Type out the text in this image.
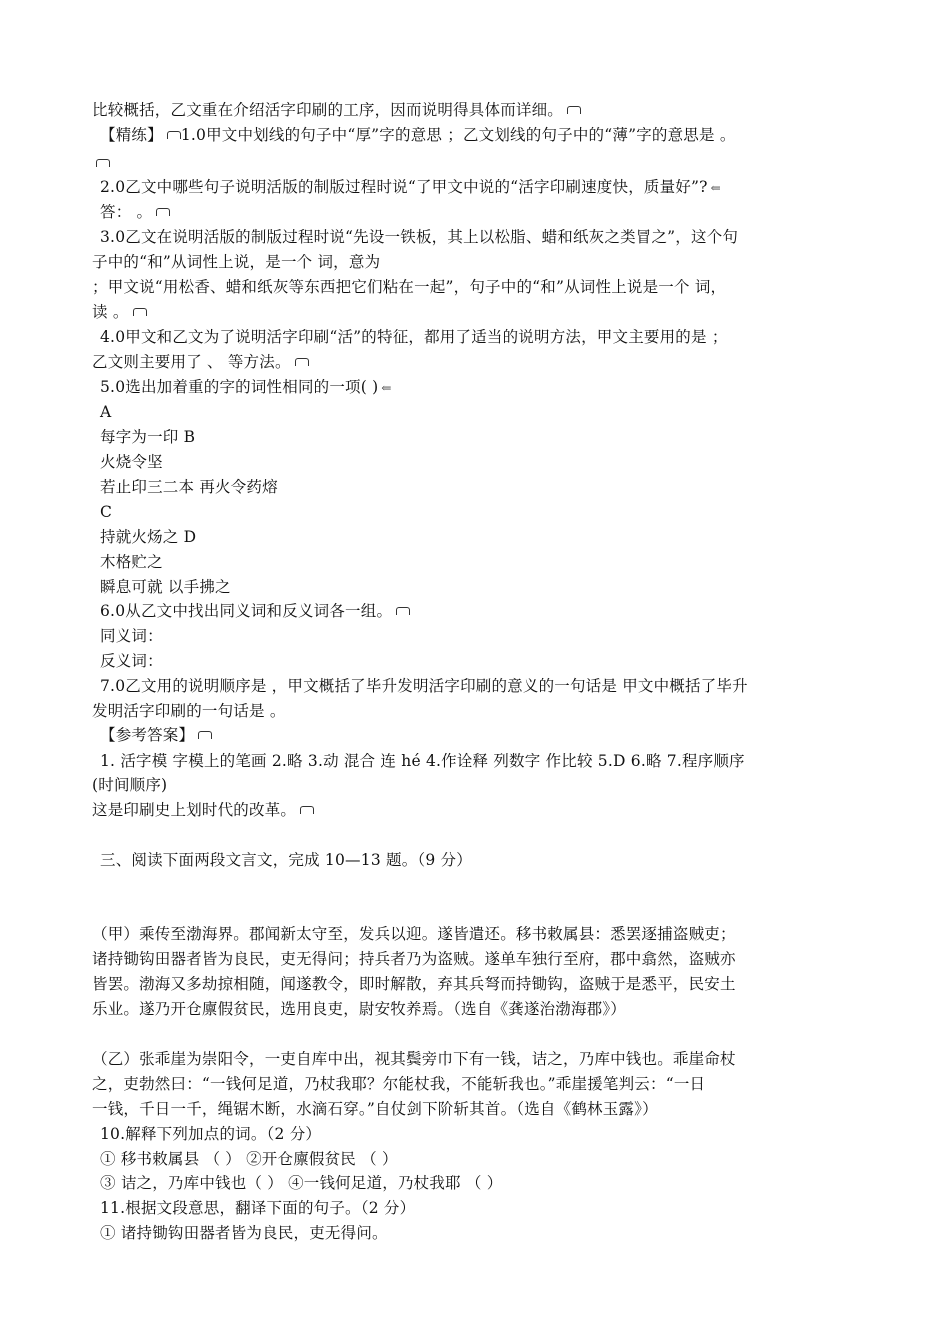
比较概括，乙文重在介绍活字印刷的工序，因而说明得具体而详细。
【精练】 1.0甲文中划线的句子中“厚”字的意思 ；乙文划线的句子中的“薄”字的意思是 。
2.0乙文中哪些句子说明活版的制版过程时说“了甲文中说的“活字印刷速度快，质量好”? ⇐
答： 。
3.0乙文在说明活版的制版过程时说“先设一铁板，其上以松脂、蜡和纸灰之类冒之”，这个句
子中的“和”从词性上说，是一个 词，意为
；甲文说“用松香、蜡和纸灰等东西把它们粘在一起”，句子中的“和”从词性上说是一个 词，
读 。
4.0甲文和乙文为了说明活字印刷“活”的特征，都用了适当的说明方法，甲文主要用的是 ；
乙文则主要用了 、 等方法。
5.0选出加着重的字的词性相同的一项( ) ⇐
A
每字为一印 B
火烧令坚
若止印三二本 再火令药熔
C
持就火炀之 D
木格贮之
瞬息可就 以手拂之
6.0从乙文中找出同义词和反义词各一组。
同义词：
反义词：
7.0乙文用的说明顺序是 ，甲文概括了毕升发明活字印刷的意义的一句话是 甲文中概括了毕升
发明活字印刷的一句话是 。
【参考答案】
1. 活字模 字模上的笔画 2.略 3.动 混合 连 hé 4.作诠释 列数字 作比较 5.D 6.略 7.程序顺序
(时间顺序)
这是印刷史上划时代的改革。
三、阅读下面两段文言文，完成 10—13 题。（9 分）
（甲）乘传至渤海界。郡闻新太守至，发兵以迎。遂皆遣还。移书敕属县：悉罢逐捕盗贼吏；
诸持锄钩田器者皆为良民，吏无得问；持兵者乃为盗贼。遂单车独行至府，郡中翕然，盗贼亦
皆罢。渤海又多劫掠相随，闻遂教令，即时解散，弃其兵弩而持锄钩，盗贼于是悉平，民安土
乐业。遂乃开仓廪假贫民，选用良吏，尉安牧养焉。（选自《龚遂治渤海郡》）
（乙）张乖崖为崇阳令，一吏自库中出，视其鬓旁巾下有一钱，诘之，乃库中钱也。乖崖命杖
之，吏勃然曰：“一钱何足道，乃杖我耶？尔能杖我，不能斩我也。”乖崖援笔判云：“一日
一钱，千日一千，绳锯木断，水滴石穿。”自仗剑下阶斩其首。（选自《鹤林玉露》）
10.解释下列加点的词。（2 分）
① 移书敕属县 （ ） ②开仓廪假贫民 （ ）
③ 诘之，乃库中钱也（ ） ④一钱何足道，乃杖我耶 （ ）
11.根据文段意思，翻译下面的句子。（2 分）
① 诸持锄钩田器者皆为良民，吏无得问。
